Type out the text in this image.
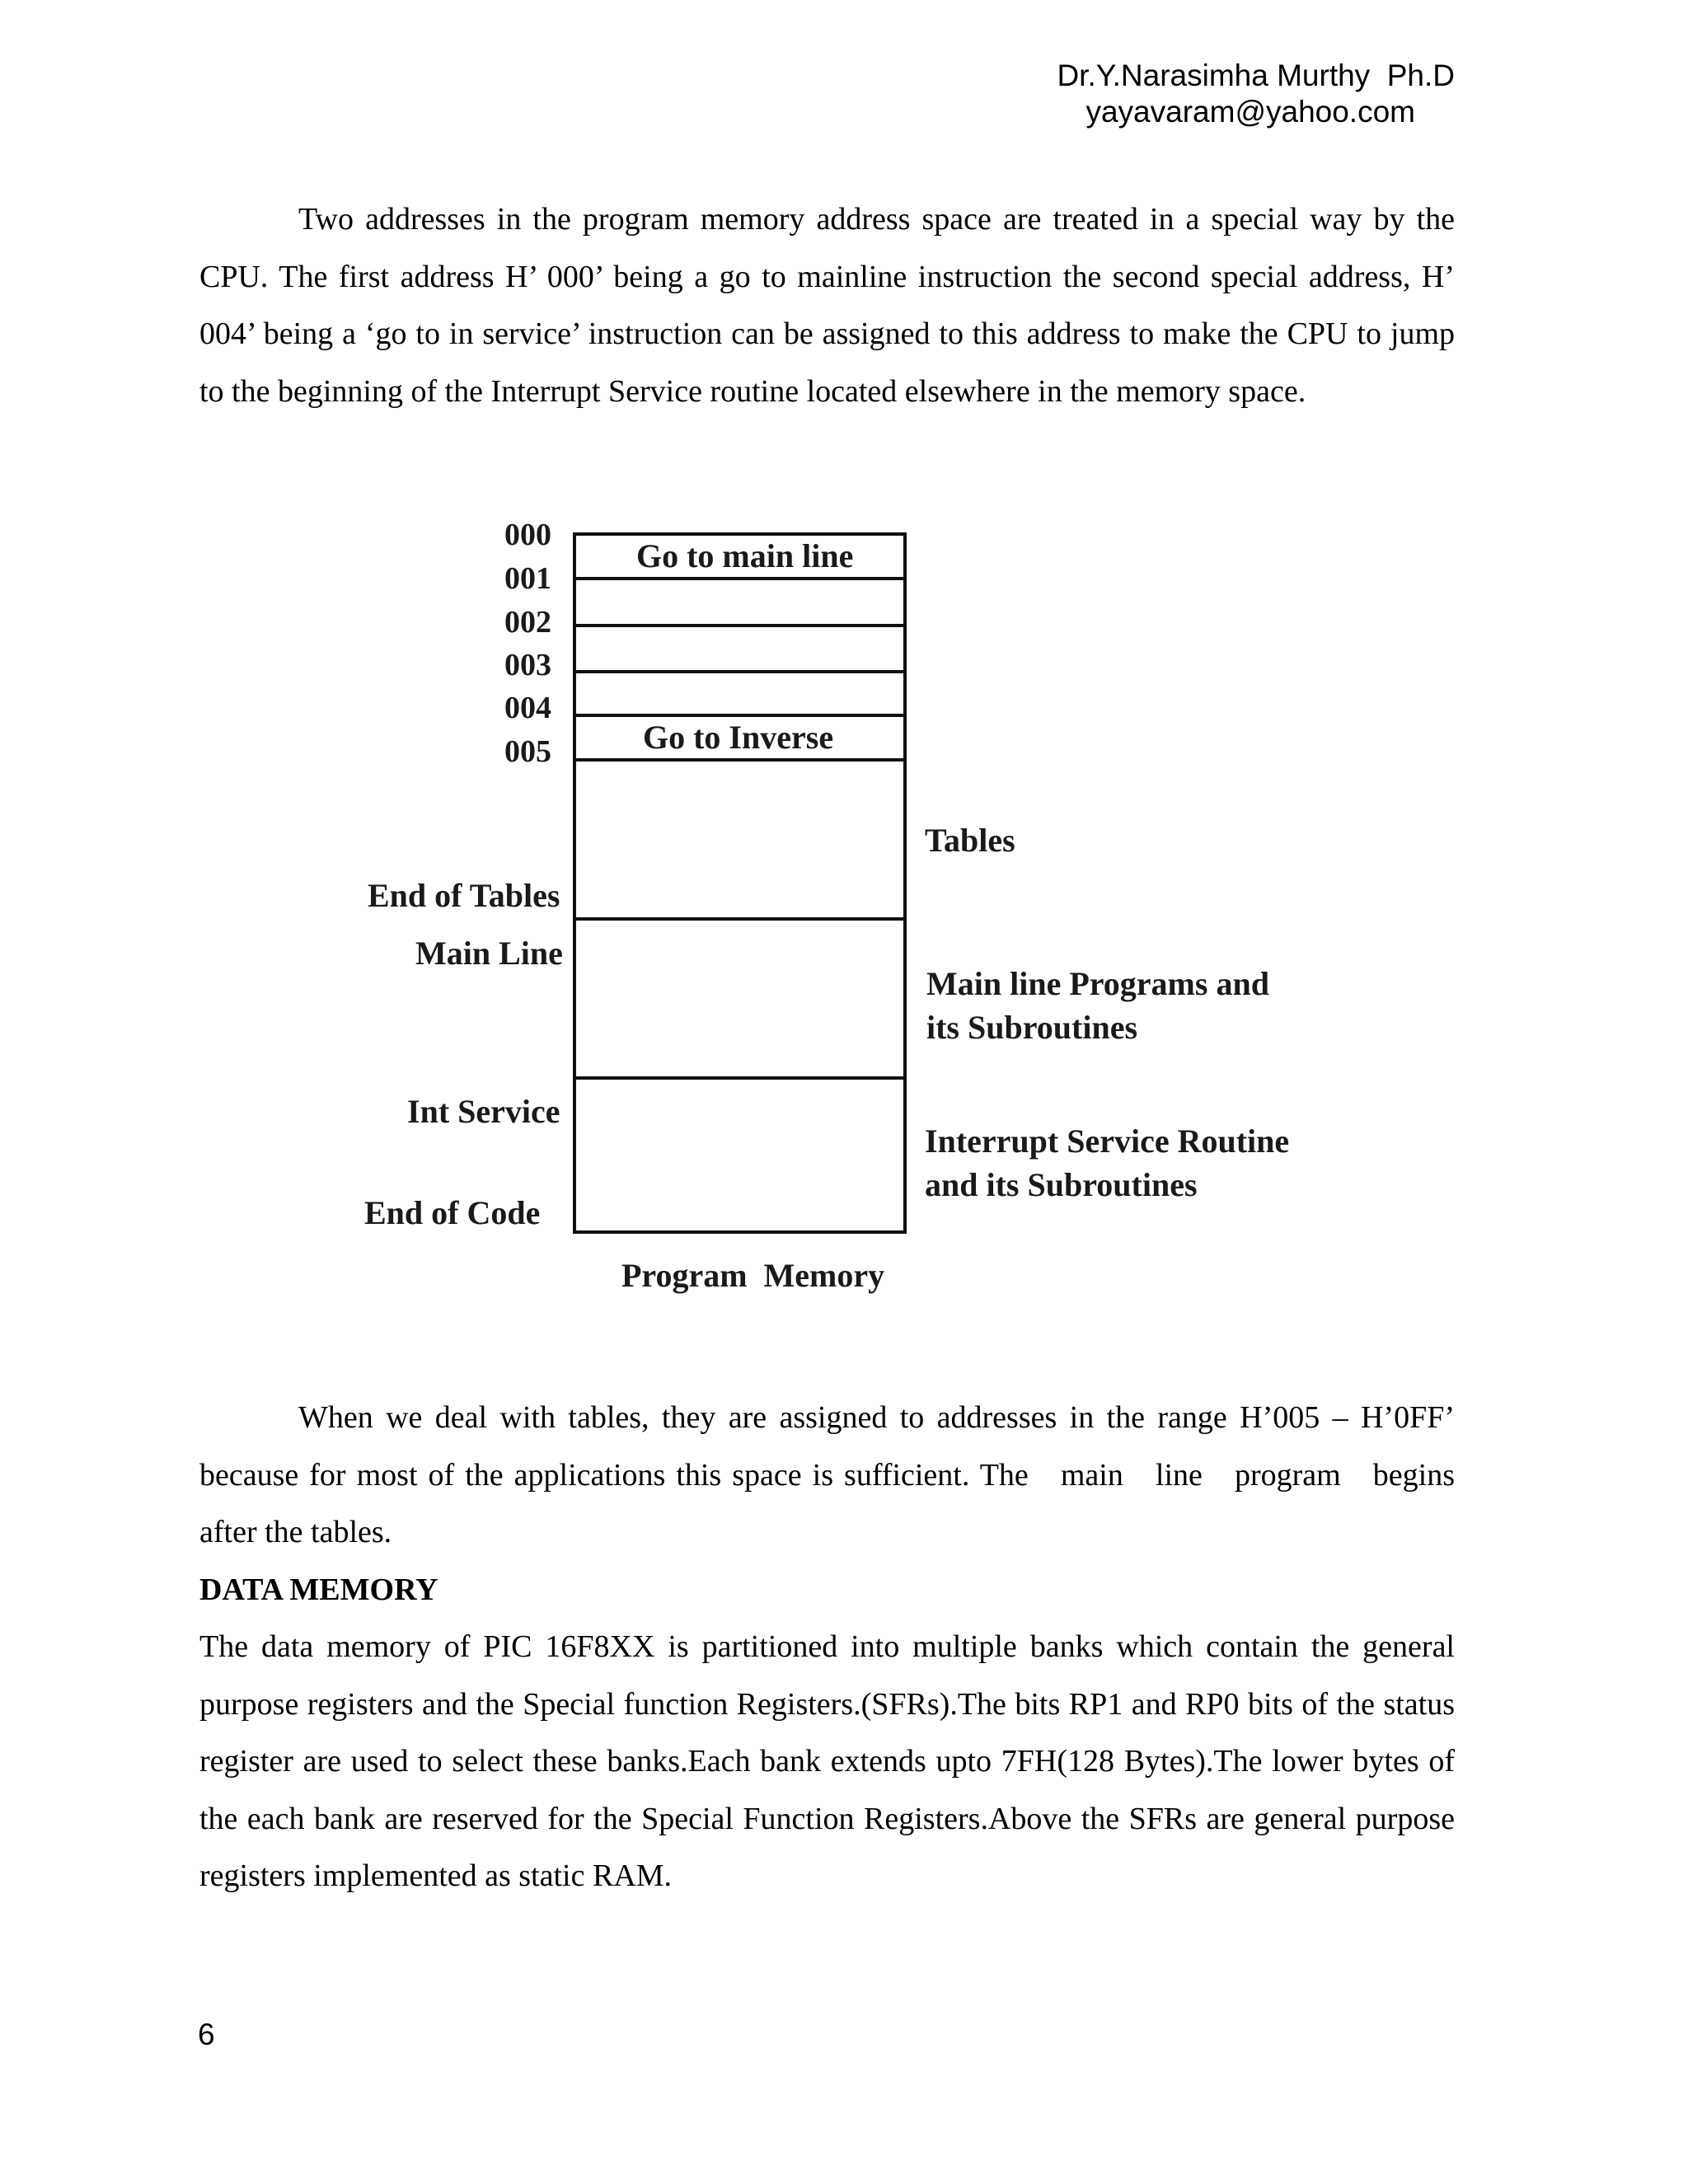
Dr.Y.Narasimha Murthy  Ph.D
yayavaram@yahoo.com

Two addresses in the program memory address space are treated in a special way by the CPU. The first address H’ 000’ being a go to mainline instruction the second special address, H’ 004’ being a ‘go to in service’ instruction can be assigned to this address to make the CPU to jump to the beginning of the Interrupt Service routine located elsewhere in the memory space.

000
001
002
003
004
005
Go to main line
Go to Inverse
End of Tables
Main Line
Int Service
End of Code
Tables
Main line Programs and
its Subroutines
Interrupt Service Routine
and its Subroutines
Program  Memory

When we deal with tables, they are assigned to addresses in the range H’005 – H’0FF’ because for most of the applications this space is sufficient. The   main   line   program   begins after the tables.

DATA MEMORY

The data memory of PIC 16F8XX is partitioned into multiple banks which contain the general purpose registers and the Special function Registers.(SFRs).The bits RP1 and RP0 bits of the status register are used to select these banks.Each bank extends upto 7FH(128 Bytes).The lower bytes of the each bank are reserved for the Special Function Registers.Above the SFRs are general purpose registers implemented as static RAM.

6
